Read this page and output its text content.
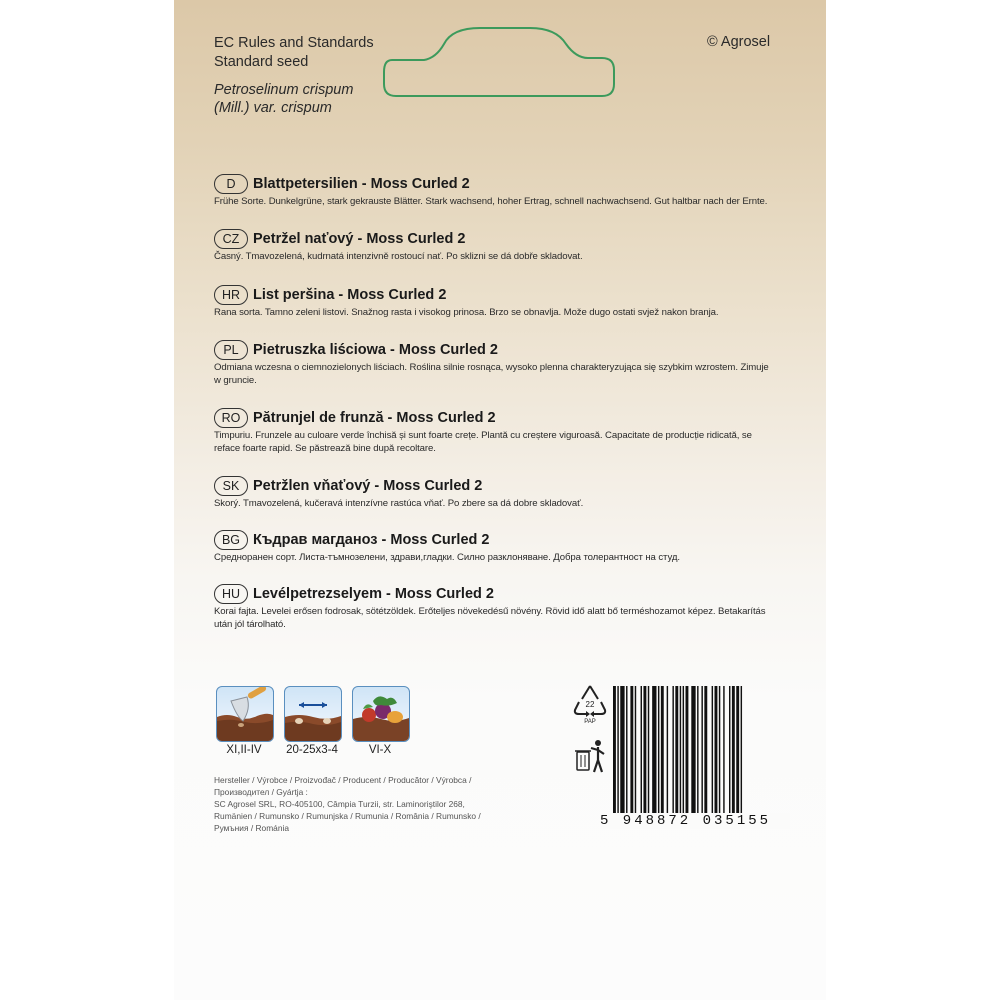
EC Rules and Standards
Standard seed
Petroselinum crispum
(Mill.) var. crispum
© Agrosel
D	Blattpetersilien - Moss Curled 2
Frühe Sorte. Dunkelgrüne, stark gekrauste Blätter. Stark wachsend, hoher Ertrag, schnell nachwachsend. Gut haltbar nach der Ernte.
CZ Petržel naťový - Moss Curled 2
Časný. Tmavozelená, kudrnatá intenzivně rostoucí nať. Po sklizni se dá dobře skladovat.
HR List peršina - Moss Curled 2
Rana sorta. Tamno zeleni listovi. Snažnog rasta i visokog prinosa. Brzo se obnavlja. Može dugo ostati svjež nakon branja.
PL Pietruszka liściowa - Moss Curled 2
Odmiana wczesna o ciemnozielonych liściach. Roślina silnie rosnąca, wysoko plenna charakteryzująca się szybkim wzrostem. Zimuje w gruncie.
RO Pătrunjel de frunză - Moss Curled 2
Timpuriu. Frunzele au culoare verde închisă și sunt foarte crețe. Plantă cu creștere viguroasă. Capacitate de producție ridicată, se reface foarte rapid. Se păstrează bine după recoltare.
SK Petržlen vňaťový - Moss Curled 2
Skorý. Tmavozelená, kučeravá intenzívne rastúca vňať. Po zbere sa dá dobre skladovať.
BG Къдрав магданоз - Moss Curled 2
Средноранен сорт. Листа-тъмнозелени, здрави,гладки. Силно разклоняване. Добра толерантност на студ.
HU Levélpetrezselyem - Moss Curled 2
Korai fajta. Levelei erősen fodrosak, sötétzöldek. Erőteljes növekedésű növény. Rövid idő alatt bő terméshozamot képez. Betakarítás után jól tárolható.
XI,II-IV	20-25x3-4	VI-X
Hersteller / Výrobce / Proizvođač / Producent / Producător / Výrobca / Производител / Gyártja :
SC Agrosel SRL, RO-405100, Câmpia Turzii, str. Laminoriştilor 268,
Rumänien / Rumunsko / Rumunjska / Rumunia / România / Rumunsko / Румъния / Románia
22
PAP
5 948872 035155
